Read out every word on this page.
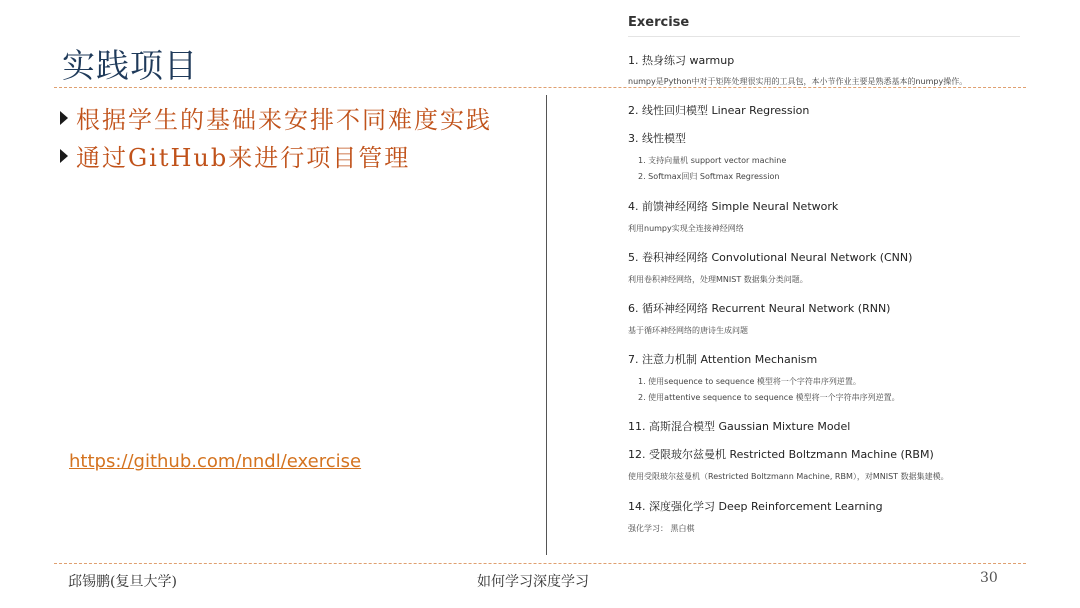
实践项目
根据学生的基础来安排不同难度实践
通过GitHub来进行项目管理
https://github.com/nndl/exercise
Exercise
1. 热身练习 warmup
numpy是Python中对于矩阵处理很实用的工具包，本小节作业主要是熟悉基本的numpy操作。
2. 线性回归模型 Linear Regression
3. 线性模型
1. 支持向量机 support vector machine
2. Softmax回归 Softmax Regression
4. 前馈神经网络 Simple Neural Network
利用numpy实现全连接神经网络
5. 卷积神经网络 Convolutional Neural Network (CNN)
利用卷积神经网络，处理MNIST 数据集分类问题。
6. 循环神经网络 Recurrent Neural Network (RNN)
基于循环神经网络的唐诗生成问题
7. 注意力机制 Attention Mechanism
1. 使用sequence to sequence 模型将一个字符串序列逆置。
2. 使用attentive sequence to sequence 模型将一个字符串序列逆置。
11. 高斯混合模型 Gaussian Mixture Model
12. 受限玻尔兹曼机 Restricted Boltzmann Machine (RBM)
使用受限玻尔兹曼机（Restricted Boltzmann Machine, RBM），对MNIST 数据集建模。
14. 深度强化学习 Deep Reinforcement Learning
强化学习： 黑白棋
邱锡鹏(复旦大学)	如何学习深度学习	30
